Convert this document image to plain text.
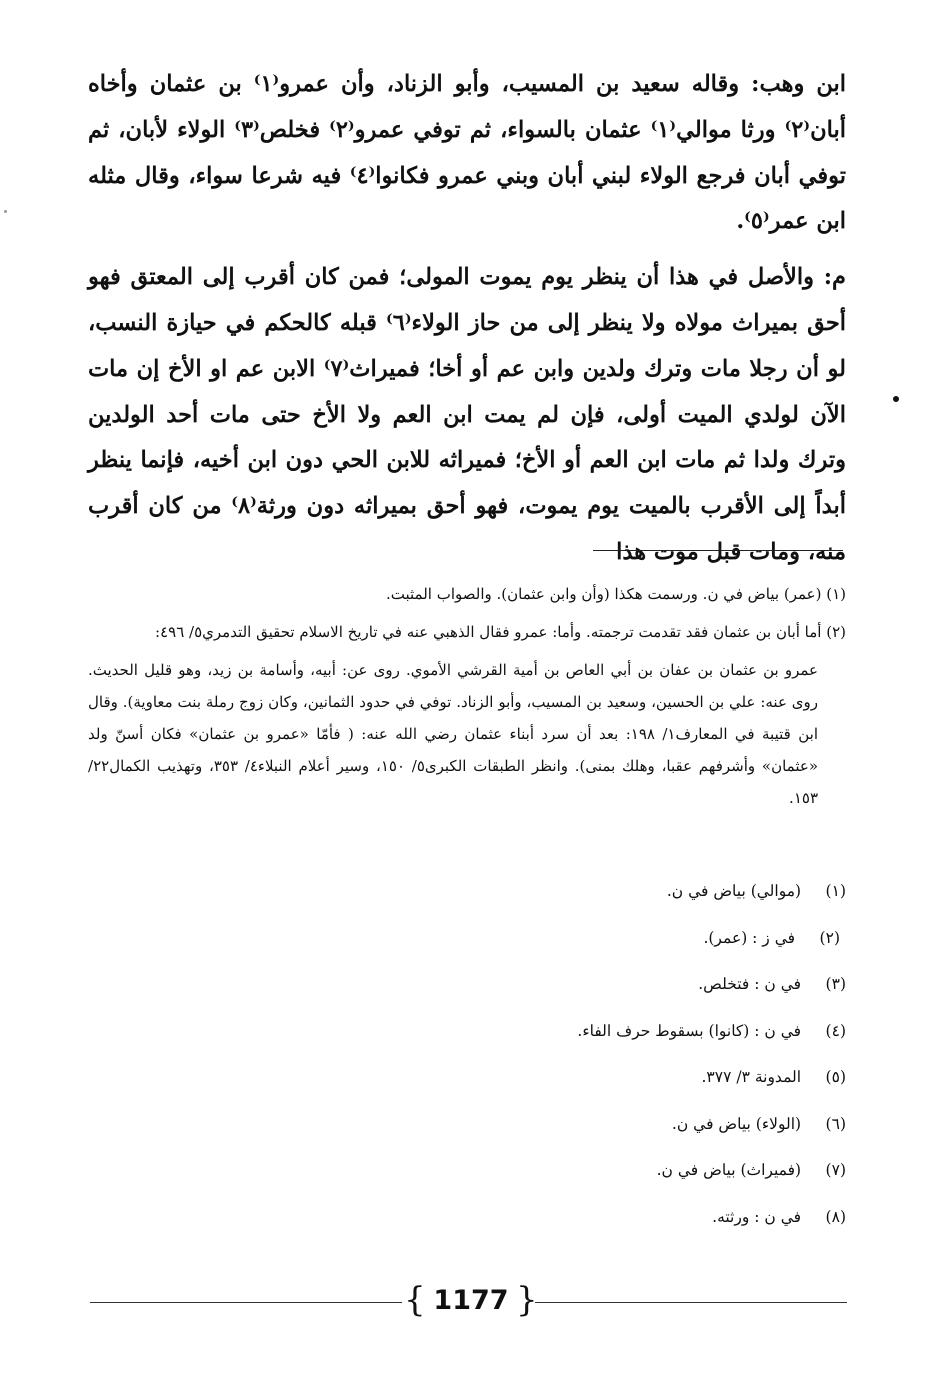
ابن وهب: وقاله سعيد بن المسيب، وأبو الزناد، وأن عمرو⁽١⁾ بن عثمان وأخاه أبان⁽٢⁾ ورثا موالي⁽١⁾ عثمان بالسواء، ثم توفي عمرو⁽٢⁾ فخلص⁽٣⁾ الولاء لأبان، ثم توفي أبان فرجع الولاء لبني أبان وبني عمرو فكانوا⁽٤⁾ فيه شرعا سواء، وقال مثله ابن عمر⁽٥⁾.

م: والأصل في هذا أن ينظر يوم يموت المولى؛ فمن كان أقرب إلى المعتق فهو أحق بميراث مولاه ولا ينظر إلى من حاز الولاء⁽٦⁾ قبله كالحكم في حيازة النسب، لو أن رجلا مات وترك ولدين وابن عم أو أخا؛ فميراث⁽٧⁾ الابن عم او الأخ إن مات الآن لولدي الميت أولى، فإن لم يمت ابن العم ولا الأخ حتى مات أحد الولدين وترك ولدا ثم مات ابن العم أو الأخ؛ فميراثه للابن الحي دون ابن أخيه، فإنما ينظر أبداً إلى الأقرب بالميت يوم يموت، فهو أحق بميراثه دون ورثة⁽٨⁾ من كان أقرب منه، ومات قبل موت هذا

(١) (عمر) بياض في ن. ورسمت هكذا (وأن وابن عثمان). والصواب المثبت.

(٢) أما أبان بن عثمان فقد تقدمت ترجمته. وأما: عمرو فقال الذهبي عنه في تاريخ الاسلام تحقيق التدمري٥/ ٤٩٦:

عمرو بن عثمان بن عفان بن أبي العاص بن أمية القرشي الأموي. روى عن: أبيه، وأسامة بن زيد، وهو قليل الحديث. روى عنه: علي بن الحسين، وسعيد بن المسيب، وأبو الزناد. توفي في حدود الثمانين، وكان زوج رملة بنت معاوية). وقال ابن قتيبة في المعارف١/ ١٩٨: بعد أن سرد أبناء عثمان رضي الله عنه: ( فأمّا «عمرو بن عثمان» فكان أسنّ ولد «عثمان» وأشرفهم عقبا، وهلك بمنى). وانظر الطبقات الكبرى٥/ ١٥٠، وسير أعلام النبلاء٤/ ٣٥٣، وتهذيب الكمال٢٢/ ١٥٣.

(١) (موالي) بياض في ن.

(٢) في ز : (عمر).

(٣) في ن : فتخلص.

(٤) في ن : (كانوا) بسقوط حرف الفاء.

(٥) المدونة ٣/ ٣٧٧.

(٦) (الولاء) بياض في ن.

(٧) (فميراث) بياض في ن.

(٨) في ن : ورثته.

{ 1177 }
